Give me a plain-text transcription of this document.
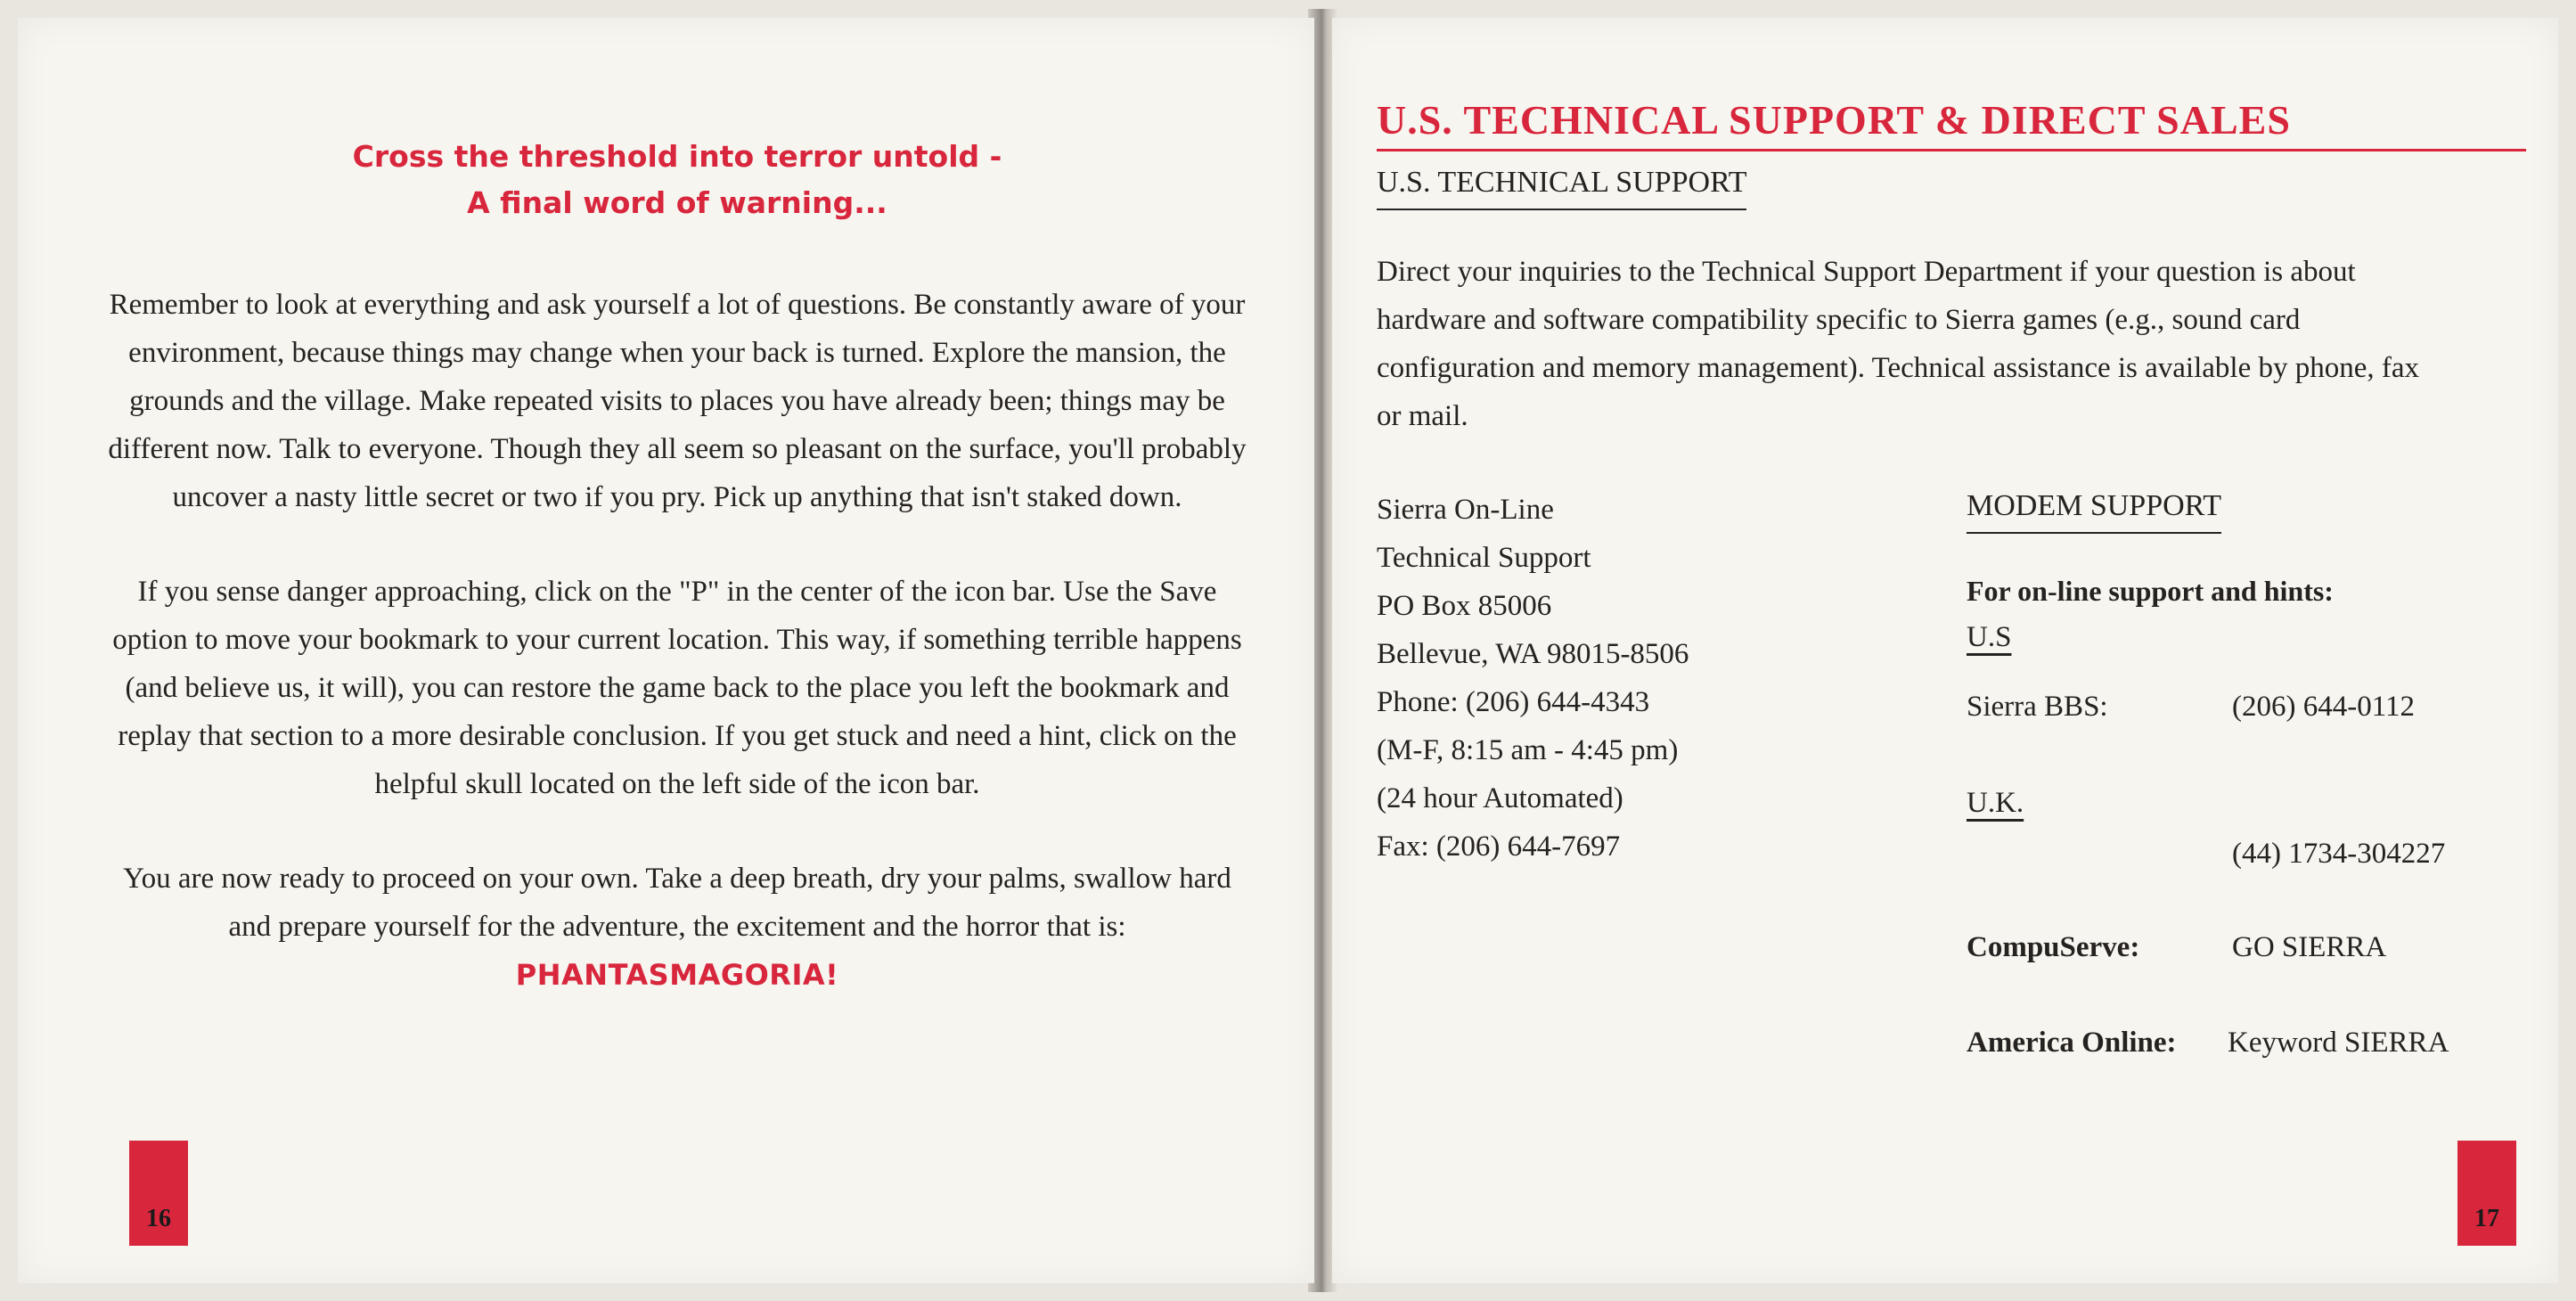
Cross the threshold into terror untold -
A final word of warning...

Remember to look at everything and ask yourself a lot of questions. Be constantly aware of your environment, because things may change when your back is turned. Explore the mansion, the grounds and the village. Make repeated visits to places you have already been; things may be different now. Talk to everyone. Though they all seem so pleasant on the surface, you'll probably uncover a nasty little secret or two if you pry. Pick up anything that isn't staked down.

If you sense danger approaching, click on the "P" in the center of the icon bar. Use the Save option to move your bookmark to your current location. This way, if something terrible happens (and believe us, it will), you can restore the game back to the place you left the bookmark and replay that section to a more desirable conclusion. If you get stuck and need a hint, click on the helpful skull located on the left side of the icon bar.

You are now ready to proceed on your own. Take a deep breath, dry your palms, swallow hard and prepare yourself for the adventure, the excitement and the horror that is:

PHANTASMAGORIA!
16
U.S. TECHNICAL SUPPORT & DIRECT SALES
U.S. TECHNICAL SUPPORT
Direct your inquiries to the Technical Support Department if your question is about hardware and software compatibility specific to Sierra games (e.g., sound card configuration and memory management). Technical assistance is available by phone, fax or mail.
Sierra On-Line
Technical Support
PO Box 85006
Bellevue, WA 98015-8506
Phone: (206) 644-4343
(M-F, 8:15 am - 4:45 pm)
(24 hour Automated)
Fax: (206) 644-7697
MODEM SUPPORT
For on-line support and hints:
U.S
Sierra BBS:	(206) 644-0112
U.K.
(44) 1734-304227
CompuServe:	GO SIERRA
America Online: Keyword SIERRA
17
